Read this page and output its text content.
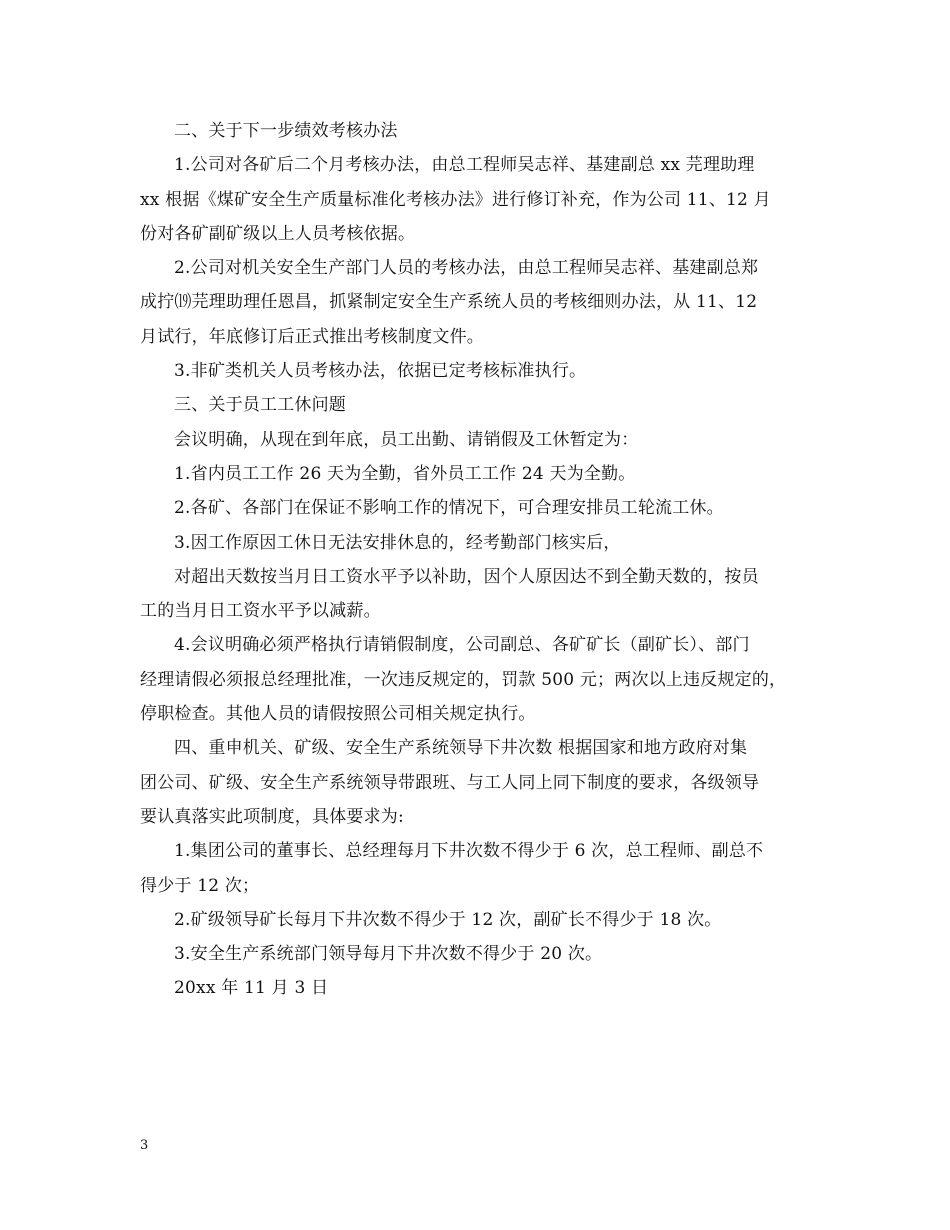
二、关于下一步绩效考核办法
1.公司对各矿后二个月考核办法，由总工程师吴志祥、基建副总 xx 芫理助理
xx 根据《煤矿安全生产质量标准化考核办法》进行修订补充，作为公司 11、12 月
份对各矿副矿级以上人员考核依据。
2.公司对机关安全生产部门人员的考核办法，由总工程师吴志祥、基建副总郑
成拧⒆芫理助理任恩昌，抓紧制定安全生产系统人员的考核细则办法，从 11、12
月试行，年底修订后正式推出考核制度文件。
3.非矿类机关人员考核办法，依据已定考核标准执行。
三、关于员工工休问题
会议明确，从现在到年底，员工出勤、请销假及工休暂定为：
1.省内员工工作 26 天为全勤，省外员工工作 24 天为全勤。
2.各矿、各部门在保证不影响工作的情况下，可合理安排员工轮流工休。
3.因工作原因工休日无法安排休息的，经考勤部门核实后，
对超出天数按当月日工资水平予以补助，因个人原因达不到全勤天数的，按员
工的当月日工资水平予以减薪。
4.会议明确必须严格执行请销假制度，公司副总、各矿矿长（副矿长）、部门
经理请假必须报总经理批准，一次违反规定的，罚款 500 元；两次以上违反规定的，
停职检查。其他人员的请假按照公司相关规定执行。
四、重申机关、矿级、安全生产系统领导下井次数 根据国家和地方政府对集
团公司、矿级、安全生产系统领导带跟班、与工人同上同下制度的要求，各级领导
要认真落实此项制度，具体要求为:
1.集团公司的董事长、总经理每月下井次数不得少于 6 次，总工程师、副总不
得少于 12 次；
2.矿级领导矿长每月下井次数不得少于 12 次，副矿长不得少于 18 次。
3.安全生产系统部门领导每月下井次数不得少于 20 次。
20xx 年 11 月 3 日
3
